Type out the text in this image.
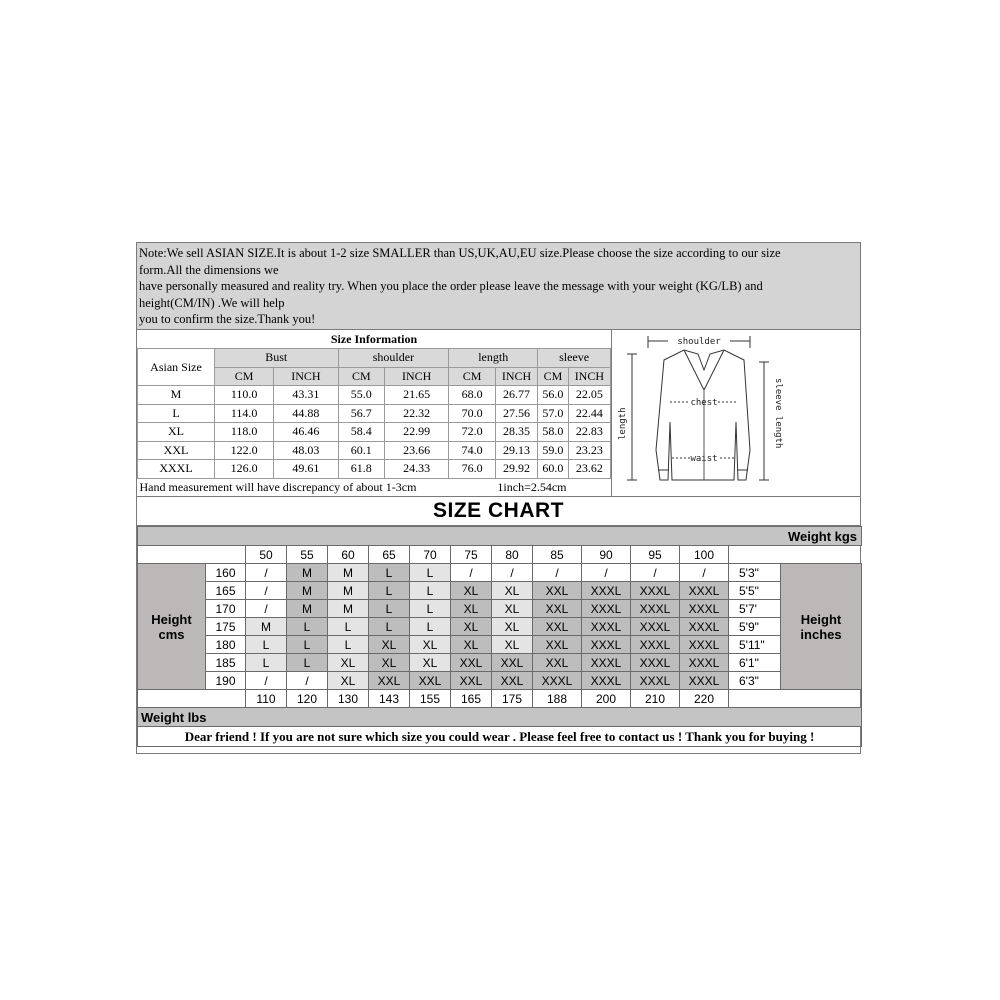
Note:We sell ASIAN SIZE.It is about 1-2 size SMALLER than US,UK,AU,EU size.Please choose the size according to our size
form.All the dimensions we
have personally measured and reality try. When you place the order please leave the message with your weight (KG/LB) and
height(CM/IN) .We will help
you to confirm the size.Thank you!
Size Information								
Asian Size	Bust		shoulder		length		sleeve	
	CM	INCH	CM	INCH	CM	INCH	CM	INCH
M	110.0	43.31	55.0	21.65	68.0	26.77	56.0	22.05
L	114.0	44.88	56.7	22.32	70.0	27.56	57.0	22.44
XL	118.0	46.46	58.4	22.99	72.0	28.35	58.0	22.83
XXL	122.0	48.03	60.1	23.66	74.0	29.13	59.0	23.23
XXXL	126.0	49.61	61.8	24.33	76.0	29.92	60.0	23.62
Hand measurement will have discrepancy of about 1-3cm						1inch=2.54cm		
shoulder
chest
waist
length	sleeve length
SIZE CHART
Weight kgs														
		50	55	60	65	70	75	80	85	90	95	100		
Height cms	160	/	M	M	L	L	/	/	/	/	/	/	5'3"	Height inches
	165	/	M	M	L	L	XL	XL	XXL	XXXL	XXXL	XXXL	5'5"	
	170	/	M	M	L	L	XL	XL	XXL	XXXL	XXXL	XXXL	5'7'	
	175	M	L	L	L	L	XL	XL	XXL	XXXL	XXXL	XXXL	5'9"	
	180	L	L	L	XL	XL	XL	XL	XXL	XXXL	XXXL	XXXL	5'11"	
	185	L	L	XL	XL	XL	XXL	XXL	XXL	XXXL	XXXL	XXXL	6'1"	
	190	/	/	XL	XXL	XXL	XXL	XXL	XXXL	XXXL	XXXL	XXXL	6'3"	
		110	120	130	143	155	165	175	188	200	210	220		
Weight lbs														
Dear friend ! If you are not sure which size you could wear . Please feel free to contact us ! Thank you for buying !														
